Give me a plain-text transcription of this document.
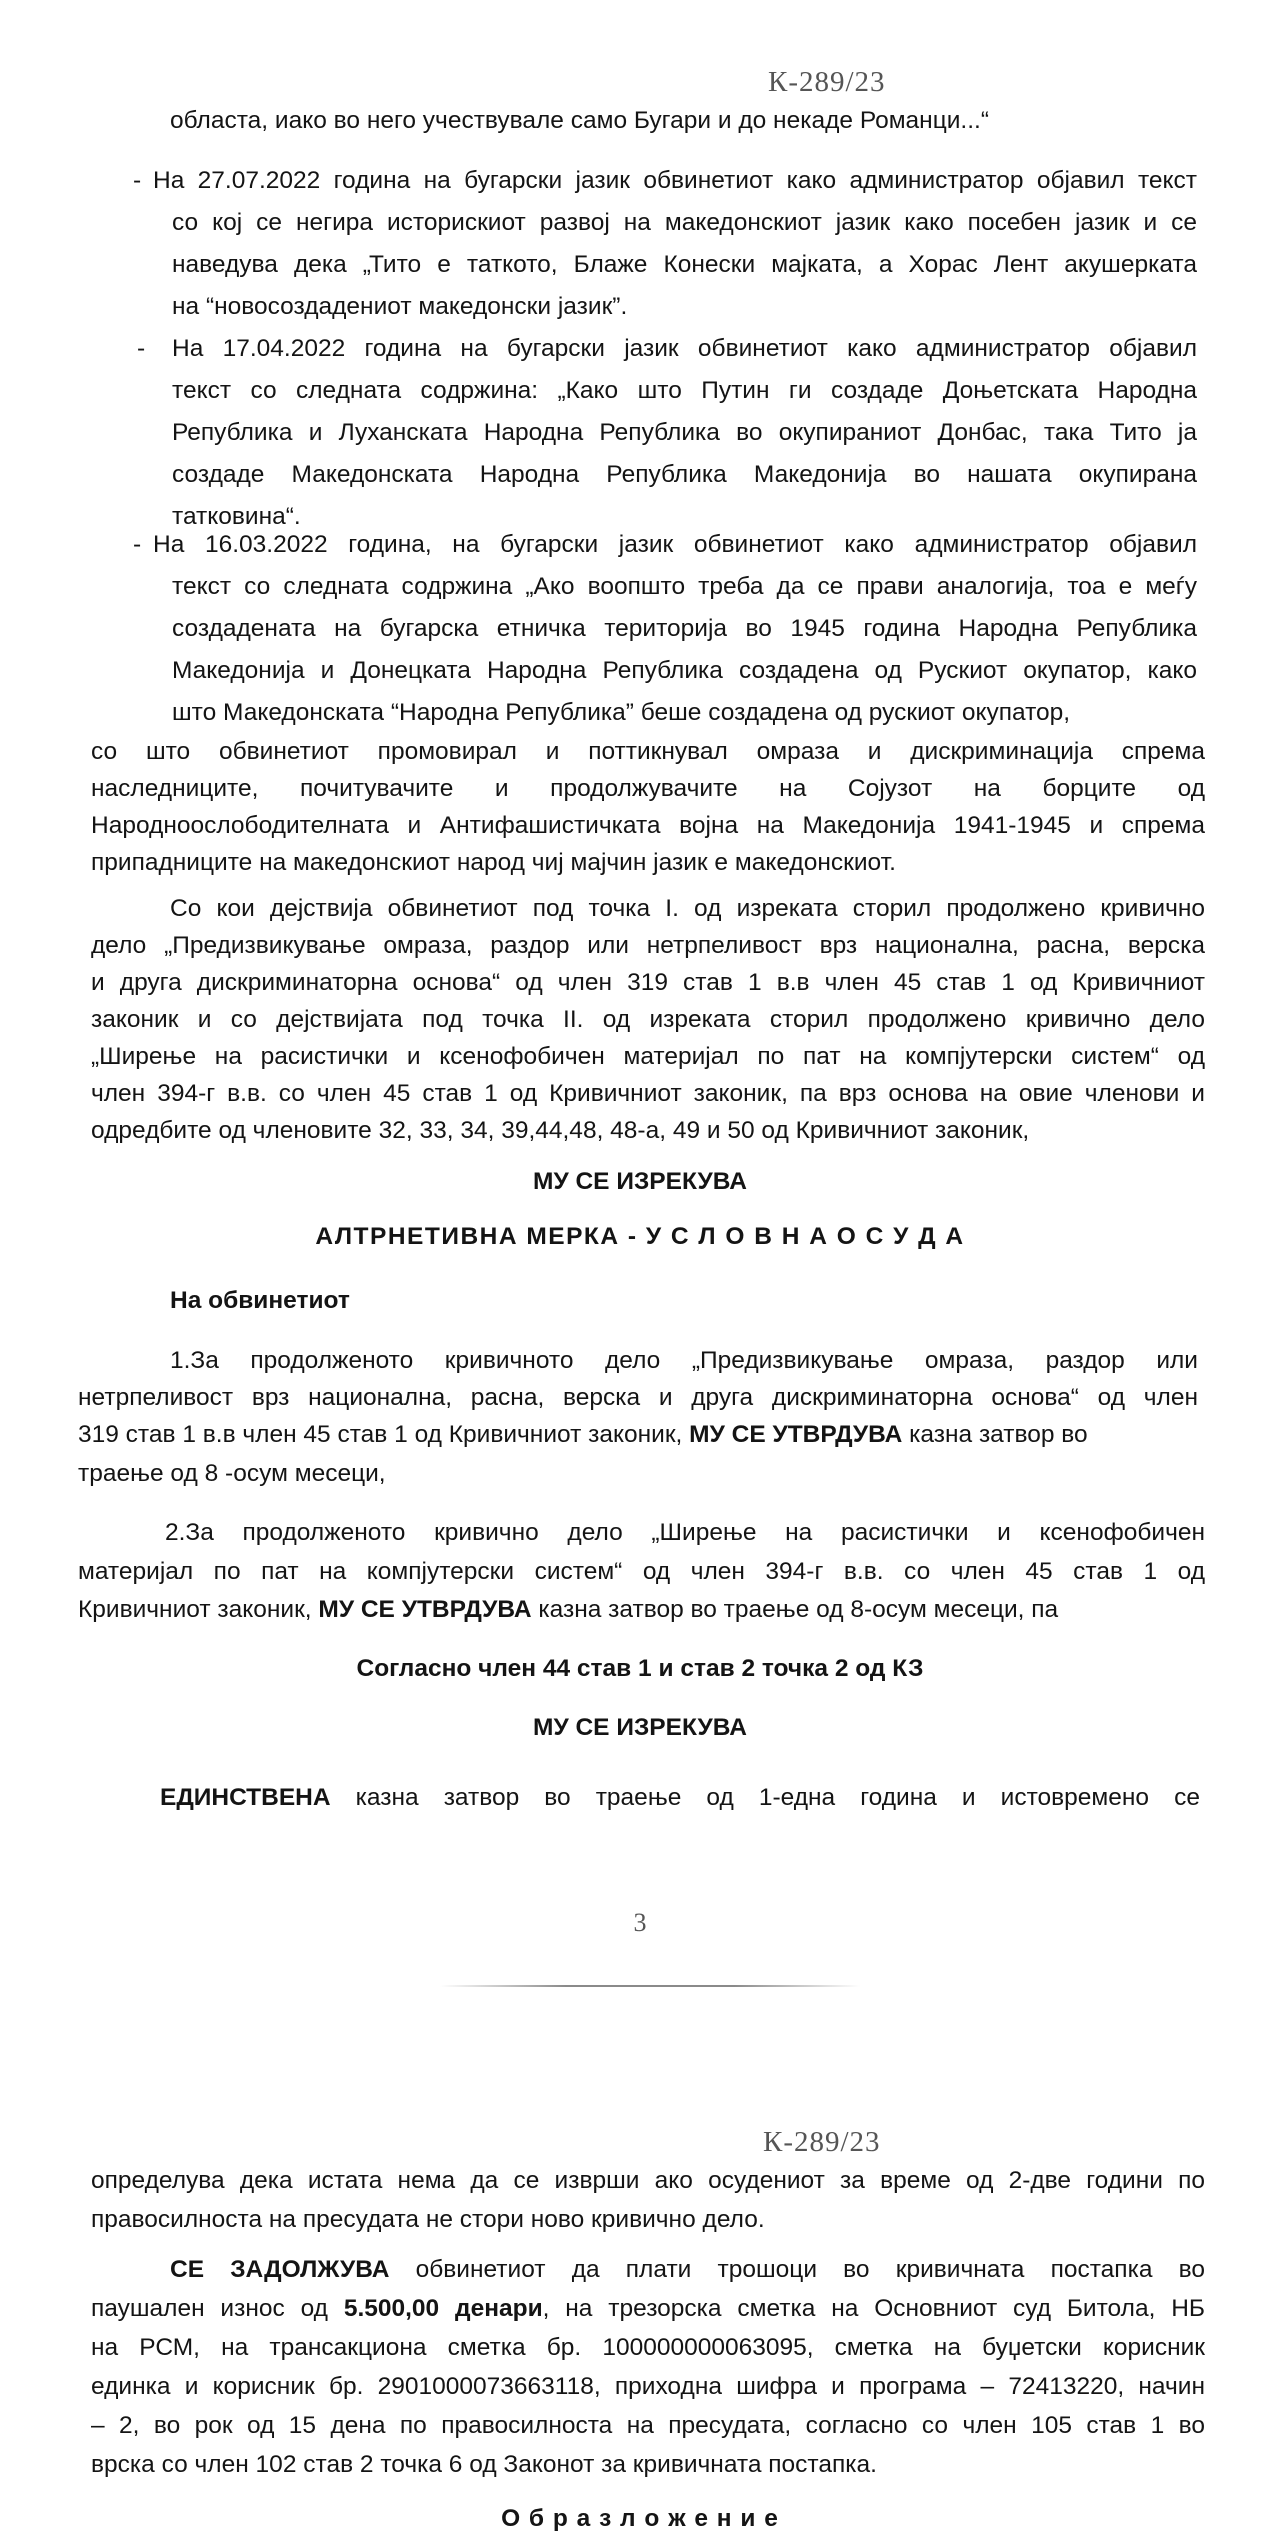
К-289/23
областа, иако во него учествувале само Бугари и до некаде Романци...“
- На 27.07.2022 година на бугарски јазик обвинетиот како администратор објавил текст
со кој се негира историскиот развој на македонскиот јазик како посебен јазик и се
наведува дека „Тито е таткото, Блаже Конески мајката, а Хорас Лент акушерката
на “новосоздадениот македонски јазик”.
- На 17.04.2022 година на бугарски јазик обвинетиот како администратор објавил
текст со следната содржина: „Како што Путин ги создаде Доњетската Народна
Република и Луханската Народна Република во окупираниот Донбас, така Тито ја
создаде Македонската Народна Република Македонија во нашата окупирана
татковина“.
- На 16.03.2022 година, на бугарски јазик обвинетиот како администратор објавил
текст со следната содржина „Ако воопшто треба да се прави аналогија, тоа е меѓу
создадената на бугарска етничка територија во 1945 година Народна Република
Македонија и Донецката Народна Република создадена од Рускиот окупатор, како
што Македонската “Народна Република” беше создадена од рускиот окупатор,
со што обвинетиот промовирал и поттикнувал омраза и дискриминација спрема
наследниците, почитувачите и продолжувачите на Сојузот на борците од
Народноослободителната и Антифашистичката војна на Македонија 1941-1945 и спрема
припадниците на македонскиот народ чиј мајчин јазик е македонскиот.
Со кои дејствија обвинетиот под точка I. од изреката сторил продолжено кривично
дело „Предизвикување омраза, раздор или нетрпеливост врз национална, расна, верска
и друга дискриминаторна основа“ од член 319 став 1 в.в член 45 став 1 од Кривичниот
законик и со дејствијата под точка II. од изреката сторил продолжено кривично дело
„Ширење на расистички и ксенофобичен материјал по пат на компјутерски систем“ од
член 394-г в.в. со член 45 став 1 од Кривичниот законик, па врз основа на овие членови и
одредбите од членовите 32, 33, 34, 39,44,48, 48-а, 49 и 50 од Кривичниот законик,
МУ СЕ ИЗРЕКУВА
АЛТРНЕТИВНА МЕРКА - У С Л О В Н А О С У Д А
На обвинетиот
1.За продолженото кривичното дело „Предизвикување омраза, раздор или
нетрпеливост врз национална, расна, верска и друга дискриминаторна основа“ од член
319 став 1 в.в член 45 став 1 од Кривичниот законик, МУ СЕ УТВРДУВА казна затвор во
траење од 8 -осум месеци,
2.За продолженото кривично дело „Ширење на расистички и ксенофобичен
материјал по пат на компјутерски систем“ од член 394-г в.в. со член 45 став 1 од
Кривичниот законик, МУ СЕ УТВРДУВА казна затвор во траење од 8-осум месеци, па
Согласно член 44 став 1 и став 2 точка 2 од КЗ
МУ СЕ ИЗРЕКУВА
ЕДИНСТВЕНА казна затвор во траење од 1-една година и истовремено се
3
К-289/23
определува дека истата нема да се изврши ако осудениот за време од 2-две години по
правосилноста на пресудата не стори ново кривично дело.
СЕ ЗАДОЛЖУВА обвинетиот да плати трошоци во кривичната постапка во
паушален износ од 5.500,00 денари, на трезорска сметка на Основниот суд Битола, НБ
на РСМ, на трансакциона сметка бр. 100000000063095, сметка на буџетски корисник
единка и корисник бр. 2901000073663118, приходна шифра и програма – 72413220, начин
– 2, во рок од 15 дена по правосилноста на пресудата, согласно со член 105 став 1 во
врска со член 102 став 2 точка 6 од Законот за кривичната постапка.
О б р а з л о ж е н и е
